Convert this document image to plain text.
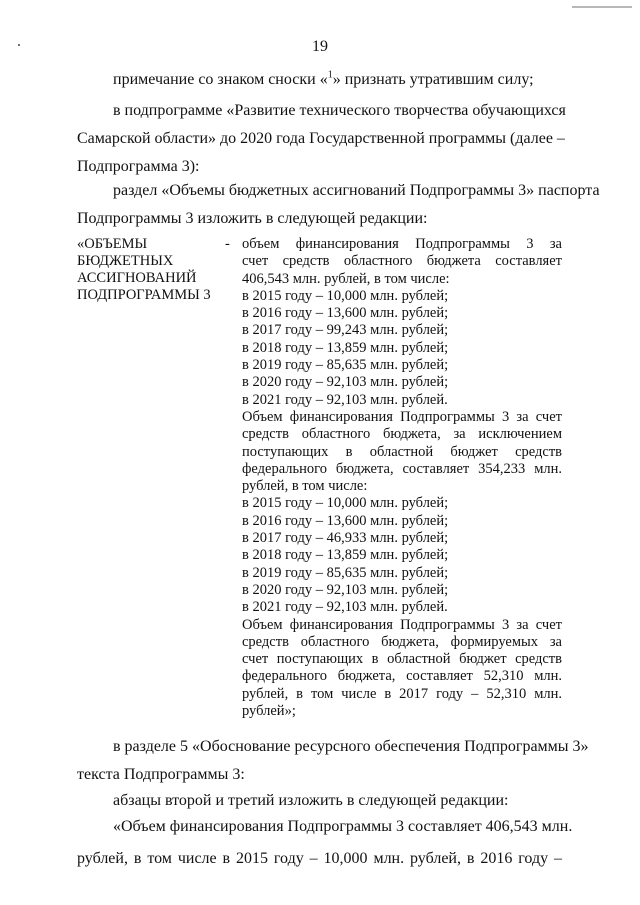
19
примечание со знаком сноски «$^1$» признать утратившим силу;
в подпрограмме «Развитие технического творчества обучающихся
Самарской области» до 2020 года Государственной программы (далее –
Подпрограмма 3):
раздел «Объемы бюджетных ассигнований Подпрограммы 3» паспорта
Подпрограммы 3 изложить в следующей редакции:
«ОБЪЕМЫ
БЮДЖЕТНЫХ
АССИГНОВАНИЙ
ПОДПРОГРАММЫ 3
- объем финансирования Подпрограммы 3 за
счет средств областного бюджета составляет
406,543 млн. рублей, в том числе:
в 2015 году – 10,000 млн. рублей;
в 2016 году – 13,600 млн. рублей;
в 2017 году – 99,243 млн. рублей;
в 2018 году – 13,859 млн. рублей;
в 2019 году – 85,635 млн. рублей;
в 2020 году – 92,103 млн. рублей;
в 2021 году – 92,103 млн. рублей.
Объем финансирования Подпрограммы 3 за счет
средств областного бюджета, за исключением
поступающих в областной бюджет средств
федерального бюджета, составляет 354,233 млн.
рублей, в том числе:
в 2015 году – 10,000 млн. рублей;
в 2016 году – 13,600 млн. рублей;
в 2017 году – 46,933 млн. рублей;
в 2018 году – 13,859 млн. рублей;
в 2019 году – 85,635 млн. рублей;
в 2020 году – 92,103 млн. рублей;
в 2021 году – 92,103 млн. рублей.
Объем финансирования Подпрограммы 3 за счет
средств областного бюджета, формируемых за
счет поступающих в областной бюджет средств
федерального бюджета, составляет 52,310 млн.
рублей, в том числе в 2017 году – 52,310 млн.
рублей»;
в разделе 5 «Обоснование ресурсного обеспечения Подпрограммы 3»
текста Подпрограммы 3:
абзацы второй и третий изложить в следующей редакции:
«Объем финансирования Подпрограммы 3 составляет 406,543 млн.
рублей, в том числе в 2015 году – 10,000 млн. рублей, в 2016 году –
